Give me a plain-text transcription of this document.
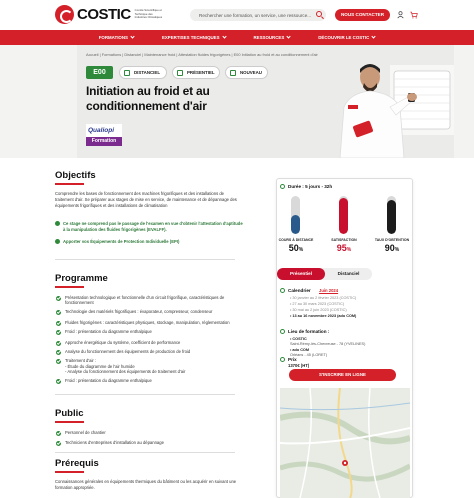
COSTIC Comité Scientifique et Technique des Industries Climatiques	Rechercher une formation, un service, une ressource...	NOUS CONTACTER
FORMATIONS	EXPERTISES TECHNIQUES	RESSOURCES	DÉCOUVRIR LE COSTIC
Accueil | Formations | Distanciel | Maintenance froid | Attestation fluides frigorigènes | E00 Initiation au froid et au conditionnement d'air
E00	DISTANCIEL	PRÉSENTIEL	NOUVEAU
Initiation au froid et au conditionnement d'air
Qualiopi
Formation
Objectifs
Comprendre les bases de fonctionnement des machines frigorifiques et des installations de traitement d'air. Se préparer aux stages de mise en service, de maintenance et de dépannage des équipements frigorifiques et des installations de climatisation
Ce stage ne comprend pas le passage de l'examen en vue d'obtenir l'attestation d'aptitude à la manipulation des fluides frigorigènes (EVALFF).
Apporter vos Équipements de Protection Individuelle (EPI)
Programme
Présentation technologique et fonctionnelle d'un circuit frigorifique, caractéristiques de fonctionnement
Technologie des matériels frigorifiques : évaporateur, compresseur, condenseur
Fluides frigorigènes : caractéristiques physiques, stockage, manipulation, réglementation
Froid : présentation du diagramme enthalpique
Approche énergétique du système, coefficient de performance
Analyse du fonctionnement des équipements de production de froid
Traitement d'air :
- Étude du diagramme de l'air humide
- Analyse du fonctionnement des équipements de traitement d'air
Froid : présentation du diagramme enthalpique
Public
Personnel de chantier
Techniciens d'entreprises d'installation au dépannage
Prérequis
Connaissances générales en équipements thermiques du bâtiment ou les acquérir en suivant une formation appropriée.
Durée : 5 jours - 32h
COURS À DISTANCE	SATISFACTION	TAUX D'OBTENTION
50%	95%	90%
Présentiel	Distanciel
Calendrier Juin 2024
• 30 janvier au 2 février 2023 (COSTIC)
• 27 au 30 mars 2023 (COSTIC)
• 30 mai au 2 juin 2023 (COSTIC)
• 13 au 16 novembre 2023 (ado COM)
Lieu de formation :
• COSTIC
Saint-Rémy-lès-Chevreuse - 78 (YVELINES)
• ado COM
Orléans - 45 (LORET)
Prix
1370€ (HT)
S'INSCRIRE EN LIGNE
